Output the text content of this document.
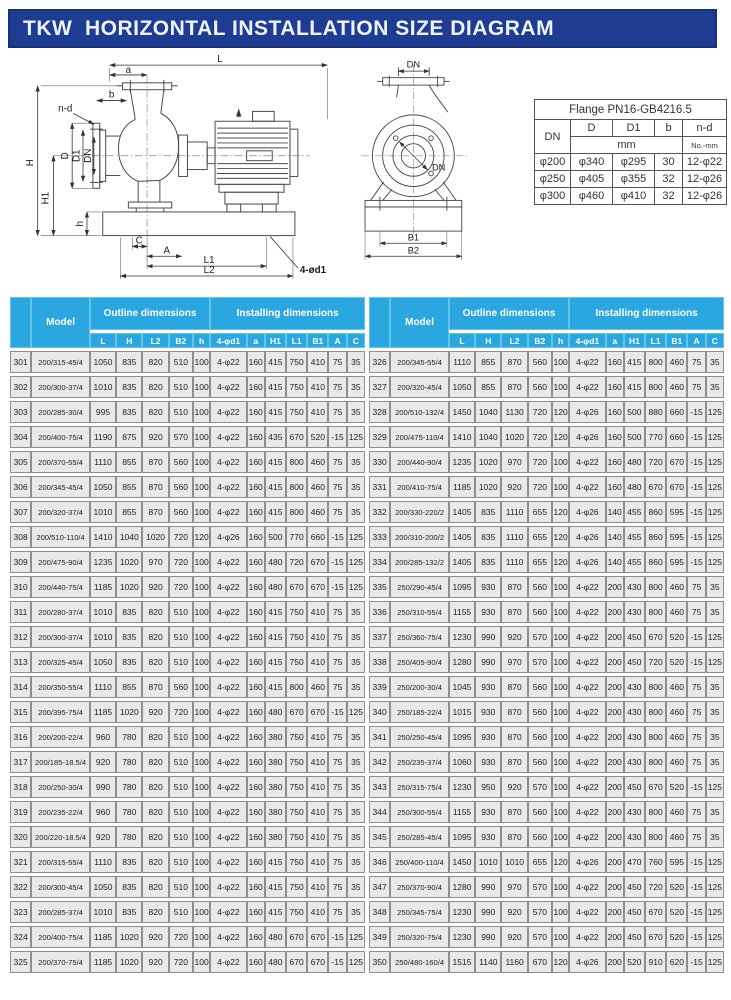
TKW  HORIZONTAL INSTALLATION SIZE DIAGRAM
L
a
b
n-d
D D1 DN
H
H1
h
C
A
L1
L2	4-ød1
DN
DN
B1
B2
Flange PN16-GB4216.5				
DN	D	D1	b	n-d
	mm			No.-mm
φ200	φ340	φ295	30	12-φ22
φ250	φ405	φ355	32	12-φ26
φ300	φ460	φ410	32	12-φ26
	Model	Outline dimensions					Installing dimensions						
		L	H	L2	B2	h	4-φd1	a	H1	L1	B1	A	C
301	200/315-45/4	1050	835	820	510	100	4-φ22	160	415	750	410	75	35
302	200/300-37/4	1010	835	820	510	100	4-φ22	160	415	750	410	75	35
303	200/285-30/4	995	835	820	510	100	4-φ22	160	415	750	410	75	35
304	200/400-75/4	1190	875	920	570	100	4-φ22	160	435	670	520	-15	125
305	200/370-55/4	1110	855	870	560	100	4-φ22	160	415	800	460	75	35
306	200/345-45/4	1050	855	870	560	100	4-φ22	160	415	800	460	75	35
307	200/320-37/4	1010	855	870	560	100	4-φ22	160	415	800	460	75	35
308	200/510-110/4	1410	1040	1020	720	120	4-φ26	160	500	770	660	-15	125
309	200/475-90/4	1235	1020	970	720	100	4-φ22	160	480	720	670	-15	125
310	200/440-75/4	1185	1020	920	720	100	4-φ22	160	480	670	670	-15	125
311	200/280-37/4	1010	835	820	510	100	4-φ22	160	415	750	410	75	35
312	200/300-37/4	1010	835	820	510	100	4-φ22	160	415	750	410	75	35
313	200/325-45/4	1050	835	820	510	100	4-φ22	160	415	750	410	75	35
314	200/350-55/4	1110	855	870	560	100	4-φ22	160	415	800	460	75	35
315	200/395-75/4	1185	1020	920	720	100	4-φ22	160	480	670	670	-15	125
316	200/200-22/4	960	780	820	510	100	4-φ22	160	380	750	410	75	35
317	200/185-18.5/4	920	780	820	510	100	4-φ22	160	380	750	410	75	35
318	200/250-30/4	990	780	820	510	100	4-φ22	160	380	750	410	75	35
319	200/235-22/4	960	780	820	510	100	4-φ22	160	380	750	410	75	35
320	200/220-18.5/4	920	780	820	510	100	4-φ22	160	380	750	410	75	35
321	200/315-55/4	1110	835	820	510	100	4-φ22	160	415	750	410	75	35
322	200/300-45/4	1050	835	820	510	100	4-φ22	160	415	750	410	75	35
323	200/285-37/4	1010	835	820	510	100	4-φ22	160	415	750	410	75	35
324	200/400-75/4	1185	1020	920	720	100	4-φ22	160	480	670	670	-15	125
325	200/370-75/4	1185	1020	920	720	100	4-φ22	160	480	670	670	-15	125
	Model	Outline dimensions					Installing dimensions						
		L	H	L2	B2	h	4-φd1	a	H1	L1	B1	A	C
326	200/345-55/4	1110	855	870	560	100	4-φ22	160	415	800	460	75	35
327	200/320-45/4	1050	855	870	560	100	4-φ22	160	415	800	460	75	35
328	200/510-132/4	1450	1040	1130	720	120	4-φ26	160	500	880	660	-15	125
329	200/475-110/4	1410	1040	1020	720	120	4-φ26	160	500	770	660	-15	125
330	200/440-90/4	1235	1020	970	720	100	4-φ22	160	480	720	670	-15	125
331	200/410-75/4	1185	1020	920	720	100	4-φ22	160	480	670	670	-15	125
332	200/330-220/2	1405	835	1110	655	120	4-φ26	140	455	860	595	-15	125
333	200/310-200/2	1405	835	1110	655	120	4-φ26	140	455	860	595	-15	125
334	200/285-132/2	1405	835	1110	655	120	4-φ26	140	455	860	595	-15	125
335	250/290-45/4	1095	930	870	560	100	4-φ22	200	430	800	460	75	35
336	250/310-55/4	1155	930	870	560	100	4-φ22	200	430	800	460	75	35
337	250/360-75/4	1230	990	920	570	100	4-φ22	200	450	670	520	-15	125
338	250/405-90/4	1280	990	970	570	100	4-φ22	200	450	720	520	-15	125
339	250/200-30/4	1045	930	870	560	100	4-φ22	200	430	800	460	75	35
340	250/185-22/4	1015	930	870	560	100	4-φ22	200	430	800	460	75	35
341	250/250-45/4	1095	930	870	560	100	4-φ22	200	430	800	460	75	35
342	250/235-37/4	1060	930	870	560	100	4-φ22	200	430	800	460	75	35
343	250/315-75/4	1230	950	920	570	100	4-φ22	200	450	670	520	-15	125
344	250/300-55/4	1155	930	870	560	100	4-φ22	200	430	800	460	75	35
345	250/285-45/4	1095	930	870	560	100	4-φ22	200	430	800	460	75	35
346	250/400-110/4	1450	1010	1010	655	120	4-φ26	200	470	760	595	-15	125
347	250/370-90/4	1280	990	970	570	100	4-φ22	200	450	720	520	-15	125
348	250/345-75/4	1230	990	920	570	100	4-φ22	200	450	670	520	-15	125
349	250/320-75/4	1230	990	920	570	100	4-φ22	200	450	670	520	-15	125
350	250/480-160/4	1515	1140	1160	670	120	4-φ26	200	520	910	620	-15	125
